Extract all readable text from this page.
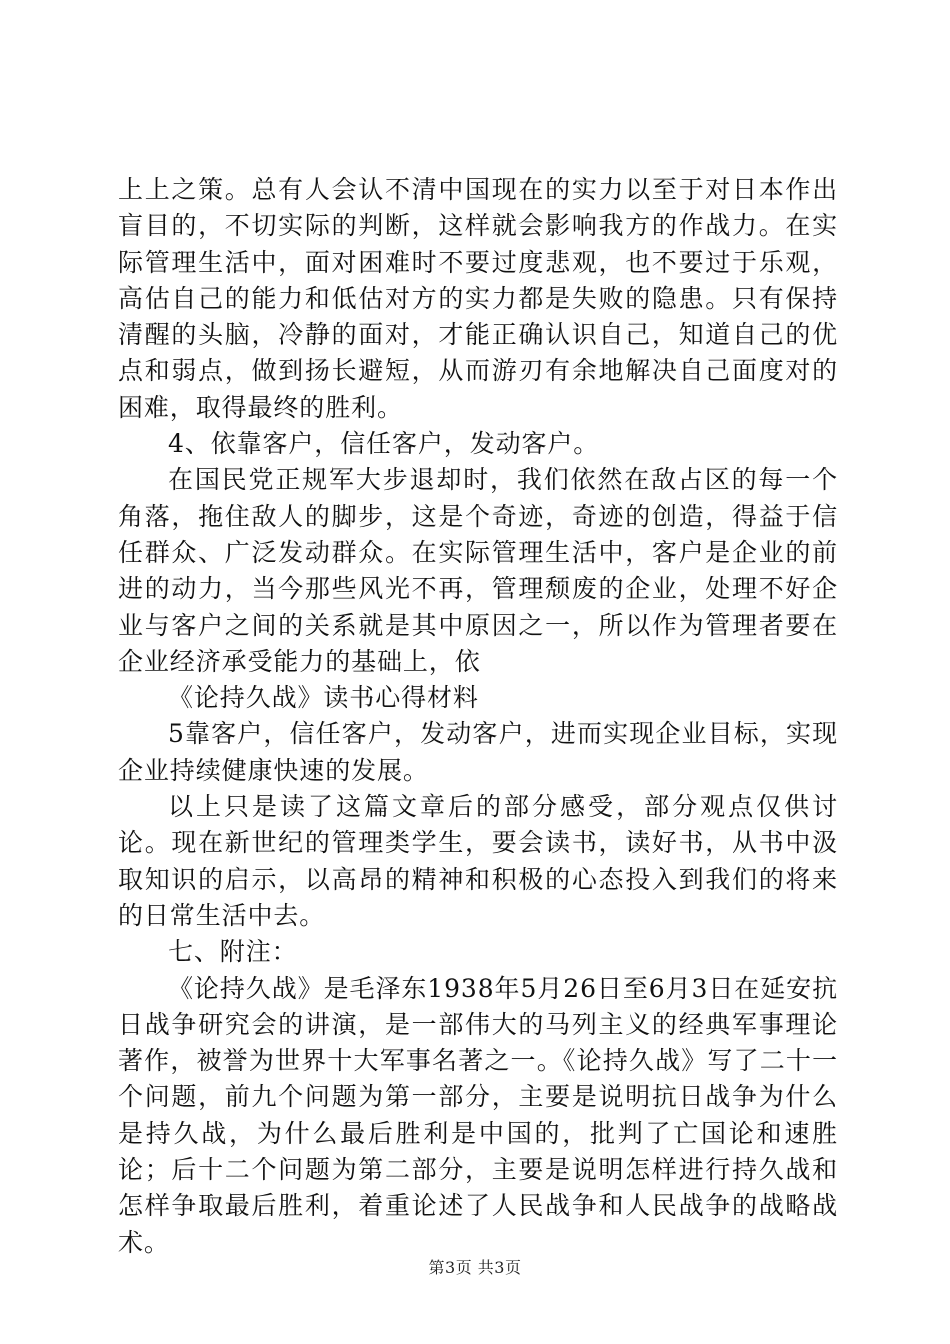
上上之策。总有人会认不清中国现在的实力以至于对日本作出盲目的，不切实际的判断，这样就会影响我方的作战力。在实际管理生活中，面对困难时不要过度悲观，也不要过于乐观，高估自己的能力和低估对方的实力都是失败的隐患。只有保持清醒的头脑，冷静的面对，才能正确认识自己，知道自己的优点和弱点，做到扬长避短，从而游刃有余地解决自己面度对的困难，取得最终的胜利。

4、依靠客户，信任客户，发动客户。

在国民党正规军大步退却时，我们依然在敌占区的每一个角落，拖住敌人的脚步，这是个奇迹，奇迹的创造，得益于信任群众、广泛发动群众。在实际管理生活中，客户是企业的前进的动力，当今那些风光不再，管理颓废的企业，处理不好企业与客户之间的关系就是其中原因之一，所以作为管理者要在企业经济承受能力的基础上，依

《论持久战》读书心得材料

5靠客户，信任客户，发动客户，进而实现企业目标，实现企业持续健康快速的发展。

以上只是读了这篇文章后的部分感受，部分观点仅供讨论。现在新世纪的管理类学生，要会读书，读好书，从书中汲取知识的启示，以高昂的精神和积极的心态投入到我们的将来的日常生活中去。

七、附注：

《论持久战》是毛泽东1938年5月26日至6月3日在延安抗日战争研究会的讲演，是一部伟大的马列主义的经典军事理论著作，被誉为世界十大军事名著之一。《论持久战》写了二十一个问题，前九个问题为第一部分，主要是说明抗日战争为什么是持久战，为什么最后胜利是中国的，批判了亡国论和速胜论；后十二个问题为第二部分，主要是说明怎样进行持久战和怎样争取最后胜利，着重论述了人民战争和人民战争的战略战术。

第3页 共3页
